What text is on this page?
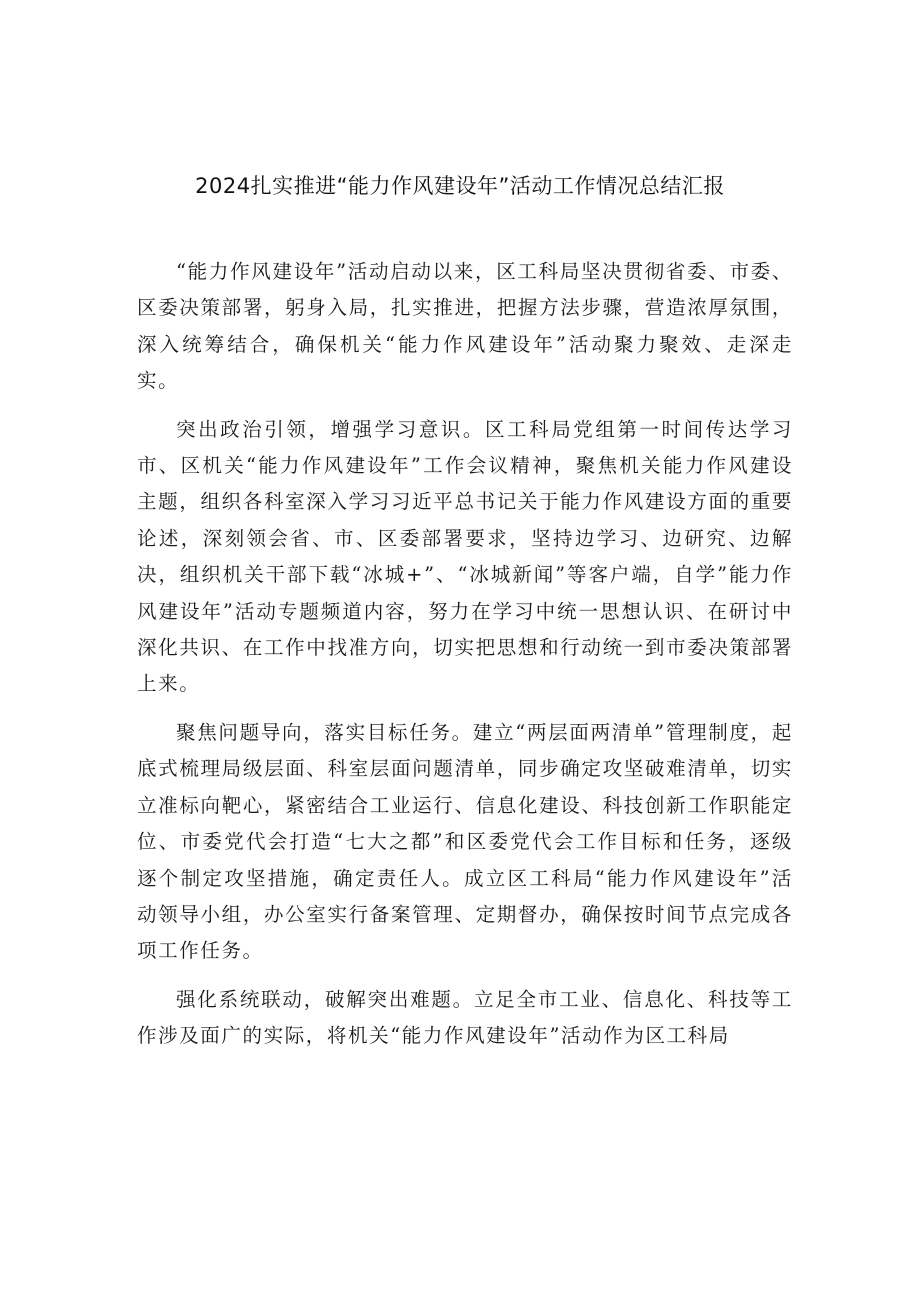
2024扎实推进“能力作风建设年”活动工作情况总结汇报

“能力作风建设年”活动启动以来，区工科局坚决贯彻省委、市委、区委决策部署，躬身入局，扎实推进，把握方法步骤，营造浓厚氛围，深入统筹结合，确保机关“能力作风建设年”活动聚力聚效、走深走实。

突出政治引领，增强学习意识。区工科局党组第一时间传达学习市、区机关“能力作风建设年”工作会议精神，聚焦机关能力作风建设主题，组织各科室深入学习习近平总书记关于能力作风建设方面的重要论述，深刻领会省、市、区委部署要求，坚持边学习、边研究、边解决，组织机关干部下载“冰城+”、“冰城新闻”等客户端，自学”能力作风建设年”活动专题频道内容，努力在学习中统一思想认识、在研讨中深化共识、在工作中找准方向，切实把思想和行动统一到市委决策部署上来。

聚焦问题导向，落实目标任务。建立“两层面两清单”管理制度，起底式梳理局级层面、科室层面问题清单，同步确定攻坚破难清单，切实立准标向靶心，紧密结合工业运行、信息化建设、科技创新工作职能定位、市委党代会打造“七大之都”和区委党代会工作目标和任务，逐级逐个制定攻坚措施，确定责任人。成立区工科局“能力作风建设年”活动领导小组，办公室实行备案管理、定期督办，确保按时间节点完成各项工作任务。

强化系统联动，破解突出难题。立足全市工业、信息化、科技等工作涉及面广的实际，将机关“能力作风建设年”活动作为区工科局
